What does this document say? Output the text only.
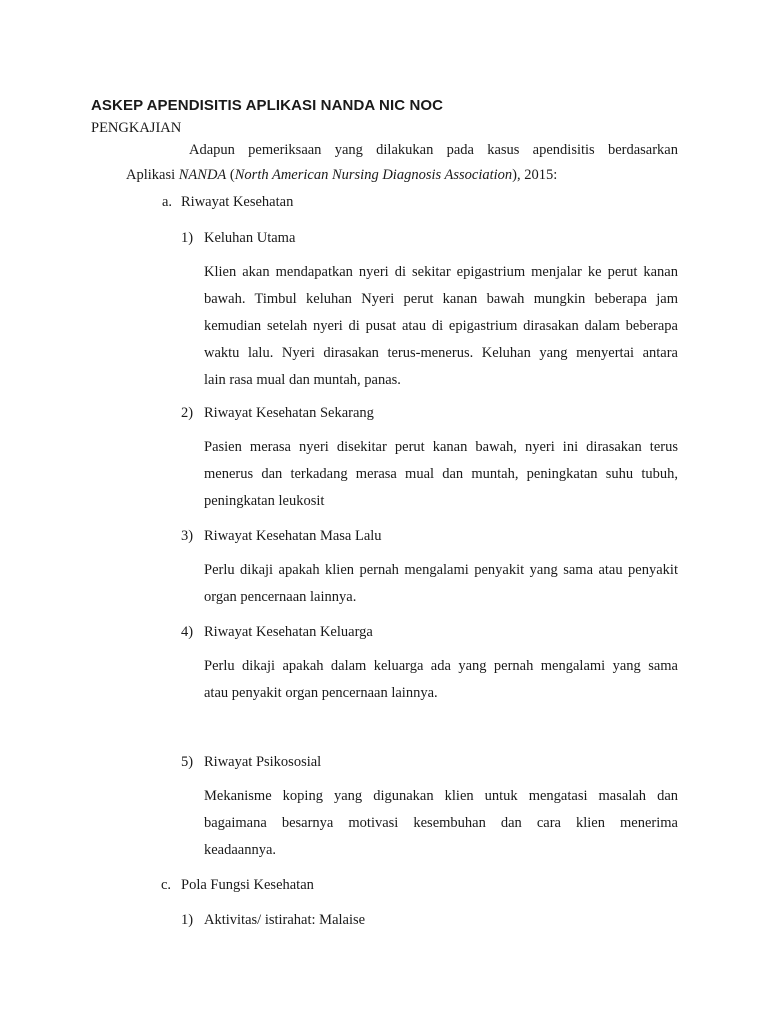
ASKEP APENDISITIS APLIKASI NANDA NIC NOC
PENGKAJIAN
Adapun pemeriksaan yang dilakukan pada kasus apendisitis berdasarkan
Aplikasi NANDA (North American Nursing Diagnosis Association), 2015:
a. Riwayat Kesehatan
1) Keluhan Utama
Klien akan mendapatkan nyeri di sekitar epigastrium menjalar ke perut kanan
bawah. Timbul keluhan Nyeri perut kanan bawah mungkin beberapa jam
kemudian setelah nyeri di pusat atau di epigastrium dirasakan dalam beberapa
waktu lalu. Nyeri dirasakan terus-menerus. Keluhan yang menyertai antara
lain rasa mual dan muntah, panas.
2) Riwayat Kesehatan Sekarang
Pasien merasa nyeri disekitar perut kanan bawah, nyeri ini dirasakan terus
menerus dan terkadang merasa mual dan muntah, peningkatan suhu tubuh,
peningkatan leukosit
3) Riwayat Kesehatan Masa Lalu
Perlu dikaji apakah klien pernah mengalami penyakit yang sama atau penyakit
organ pencernaan lainnya.
4) Riwayat Kesehatan Keluarga
Perlu dikaji apakah dalam keluarga ada yang pernah mengalami yang sama
atau penyakit organ pencernaan lainnya.
5) Riwayat Psikososial
Mekanisme koping yang digunakan klien untuk mengatasi masalah dan
bagaimana besarnya motivasi kesembuhan dan cara klien menerima
keadaannya.
c. Pola Fungsi Kesehatan
1) Aktivitas/ istirahat: Malaise
